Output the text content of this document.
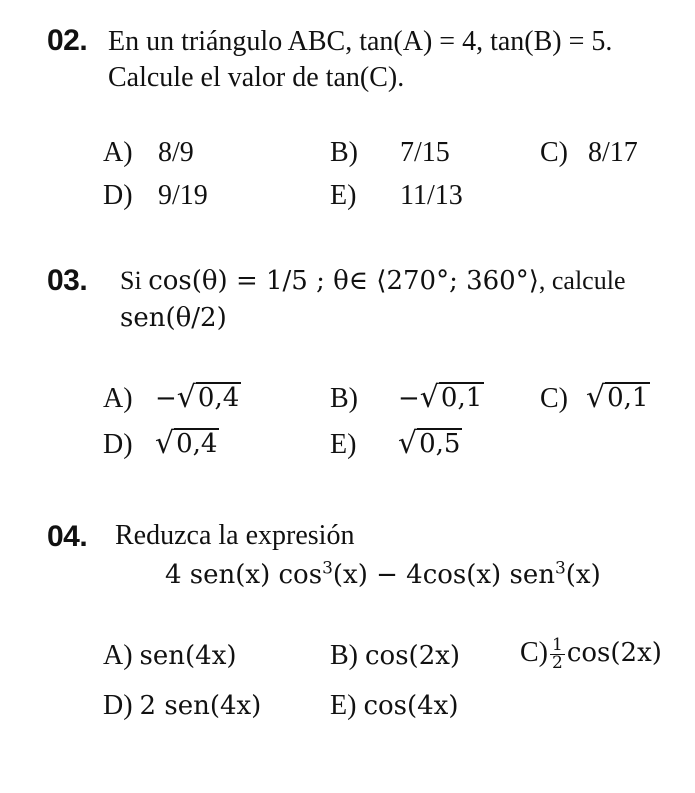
02. En un triángulo ABC, tan(A) = 4, tan(B) = 5.
Calcule el valor de tan(C).
A) 8/9	B) 7/15	C) 8/17
D) 9/19	E) 11/13
03. Si cos(θ) = 1/5 ; θ∈ ⟨270°; 360°⟩, calcule
sen(θ/2)
A) − √ 0,4	B) − √ 0,1 C) √ 0,1
D) √ 0,4	E) √ 0,5
04. Reduzca la expresión
4 sen(x) $\cos^3(x) - 4\cos(x)$ sen$^3$(x)
A) sen(4x)	B) cos(2x) $C) \frac{1}{2} \cos(2x)$
D) 2 sen(4x) E) cos(4x)
